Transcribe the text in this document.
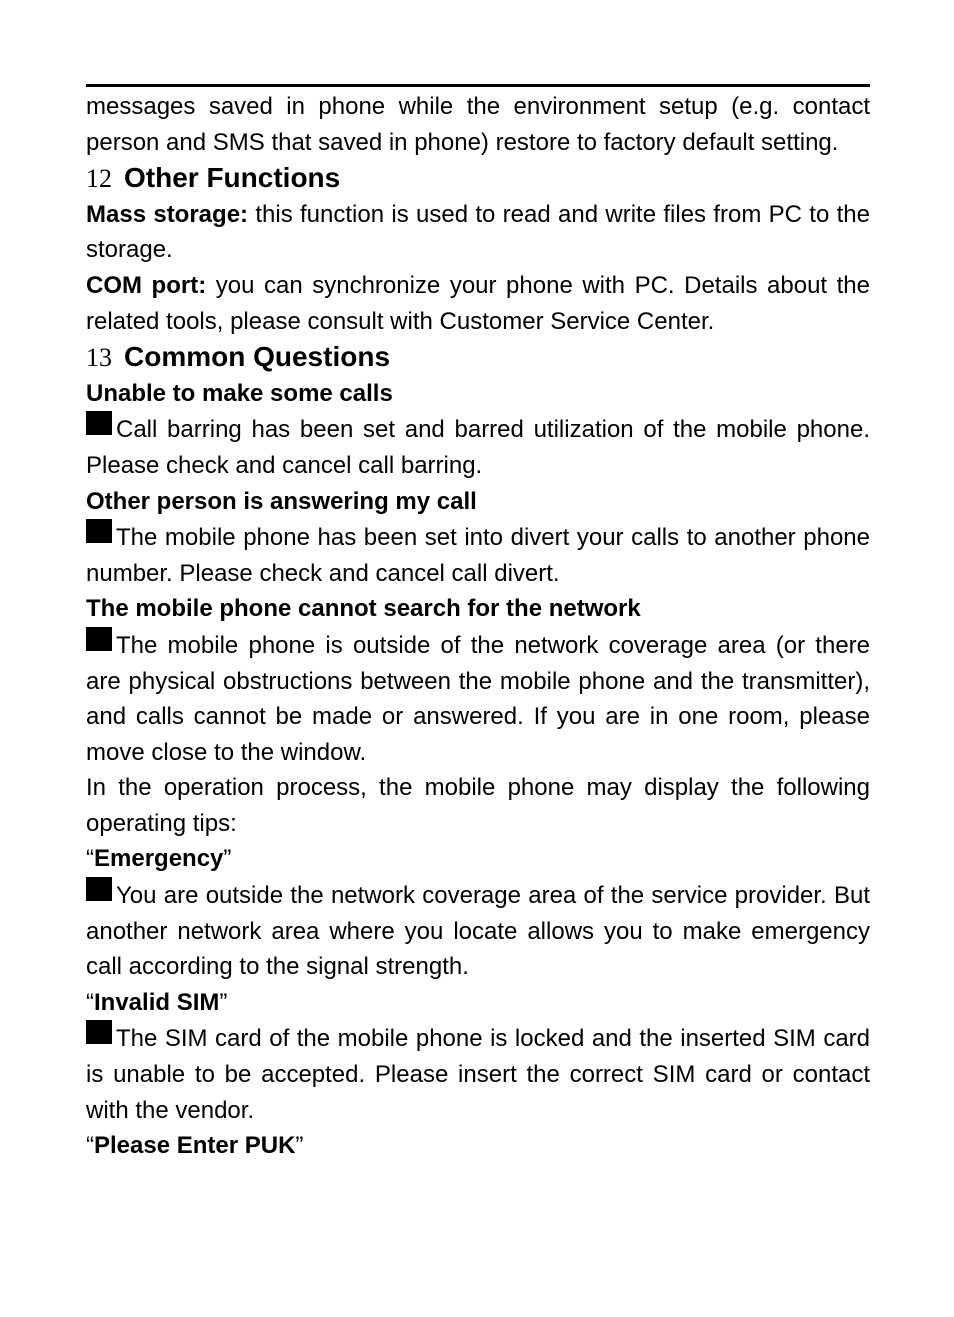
messages saved in phone while the environment setup (e.g. contact person and SMS that saved in phone) restore to factory default setting.

12 Other Functions

Mass storage: this function is used to read and write files from PC to the storage.

COM port: you can synchronize your phone with PC. Details about the related tools, please consult with Customer Service Center.

13 Common Questions

Unable to make some calls

Call barring has been set and barred utilization of the mobile phone. Please check and cancel call barring.

Other person is answering my call

The mobile phone has been set into divert your calls to another phone number. Please check and cancel call divert.

The mobile phone cannot search for the network

The mobile phone is outside of the network coverage area (or there are physical obstructions between the mobile phone and the transmitter), and calls cannot be made or answered. If you are in one room, please move close to the window.

In the operation process, the mobile phone may display the following operating tips:

“Emergency”

You are outside the network coverage area of the service provider. But another network area where you locate allows you to make emergency call according to the signal strength.

“Invalid SIM”

The SIM card of the mobile phone is locked and the inserted SIM card is unable to be accepted. Please insert the correct SIM card or contact with the vendor.

“Please Enter PUK”
